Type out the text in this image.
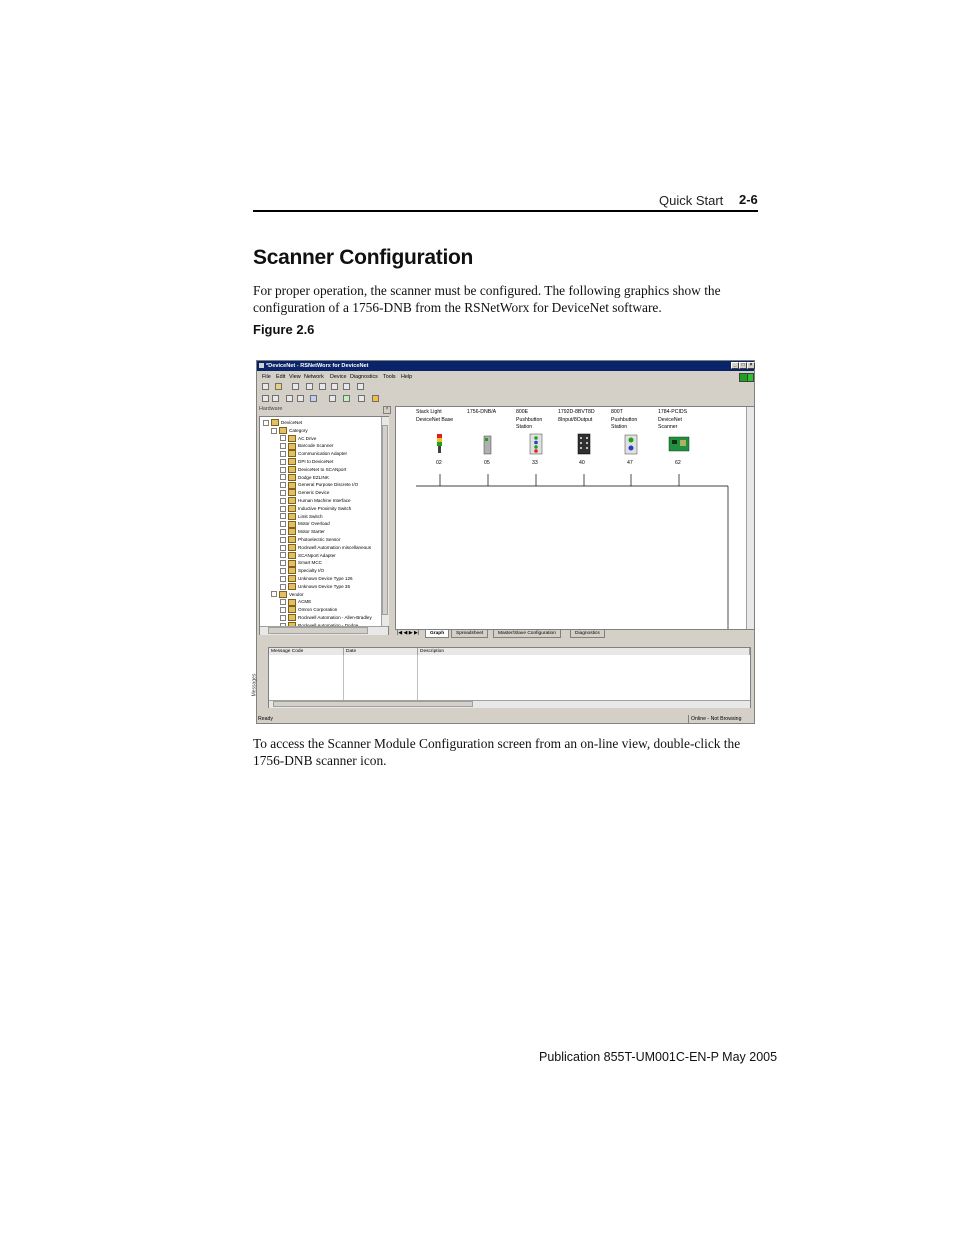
Quick Start 2-6
Scanner Configuration
For proper operation, the scanner must be configured. The following graphics show the configuration of a 1756-DNB from the RSNetWorx for DeviceNet software.
Figure 2.6
*DeviceNet - RSNetWorx for DeviceNet	_	□	×
File Edit View Network Device Diagnostics Tools Help
Hardware	×
DeviceNet
Category
AC Drive
Barcode Scanner
Communication Adapter
DPI to DeviceNet
DeviceNet to SCANport
Dodge EZLINK
General Purpose Discrete I/O
Generic Device
Human Machine Interface
Inductive Proximity Switch
Limit Switch
Motor Overload
Motor Starter
Photoelectric Sensor
Rockwell Automation miscellaneous
SCANport Adapter
Smart MCC
Specialty I/O
Unknown Device Type 126
Unknown Device Type 35
Vendor
ACME
Omron Corporation
Rockwell Automation - Allen-Bradley
Stack Light
DeviceNet Base
02
1756-DNB/A
05
800E
Pushbutton
Station
33
1792D-8BVT8D
8Input/8Output
40
800T
Pushbutton
Station
47
1784-PCIDS
DeviceNet
Scanner
62
|◀ ◀ ▶ ▶|	Graph	Spreadsheet	Master/Slave Configuration	Diagnostics
Messages
Message Code	Date	Description
Ready	Online - Not Browsing
To access the Scanner Module Configuration screen from an on-line view, double-click the 1756-DNB scanner icon.
Publication 855T-UM001C-EN-P May 2005
